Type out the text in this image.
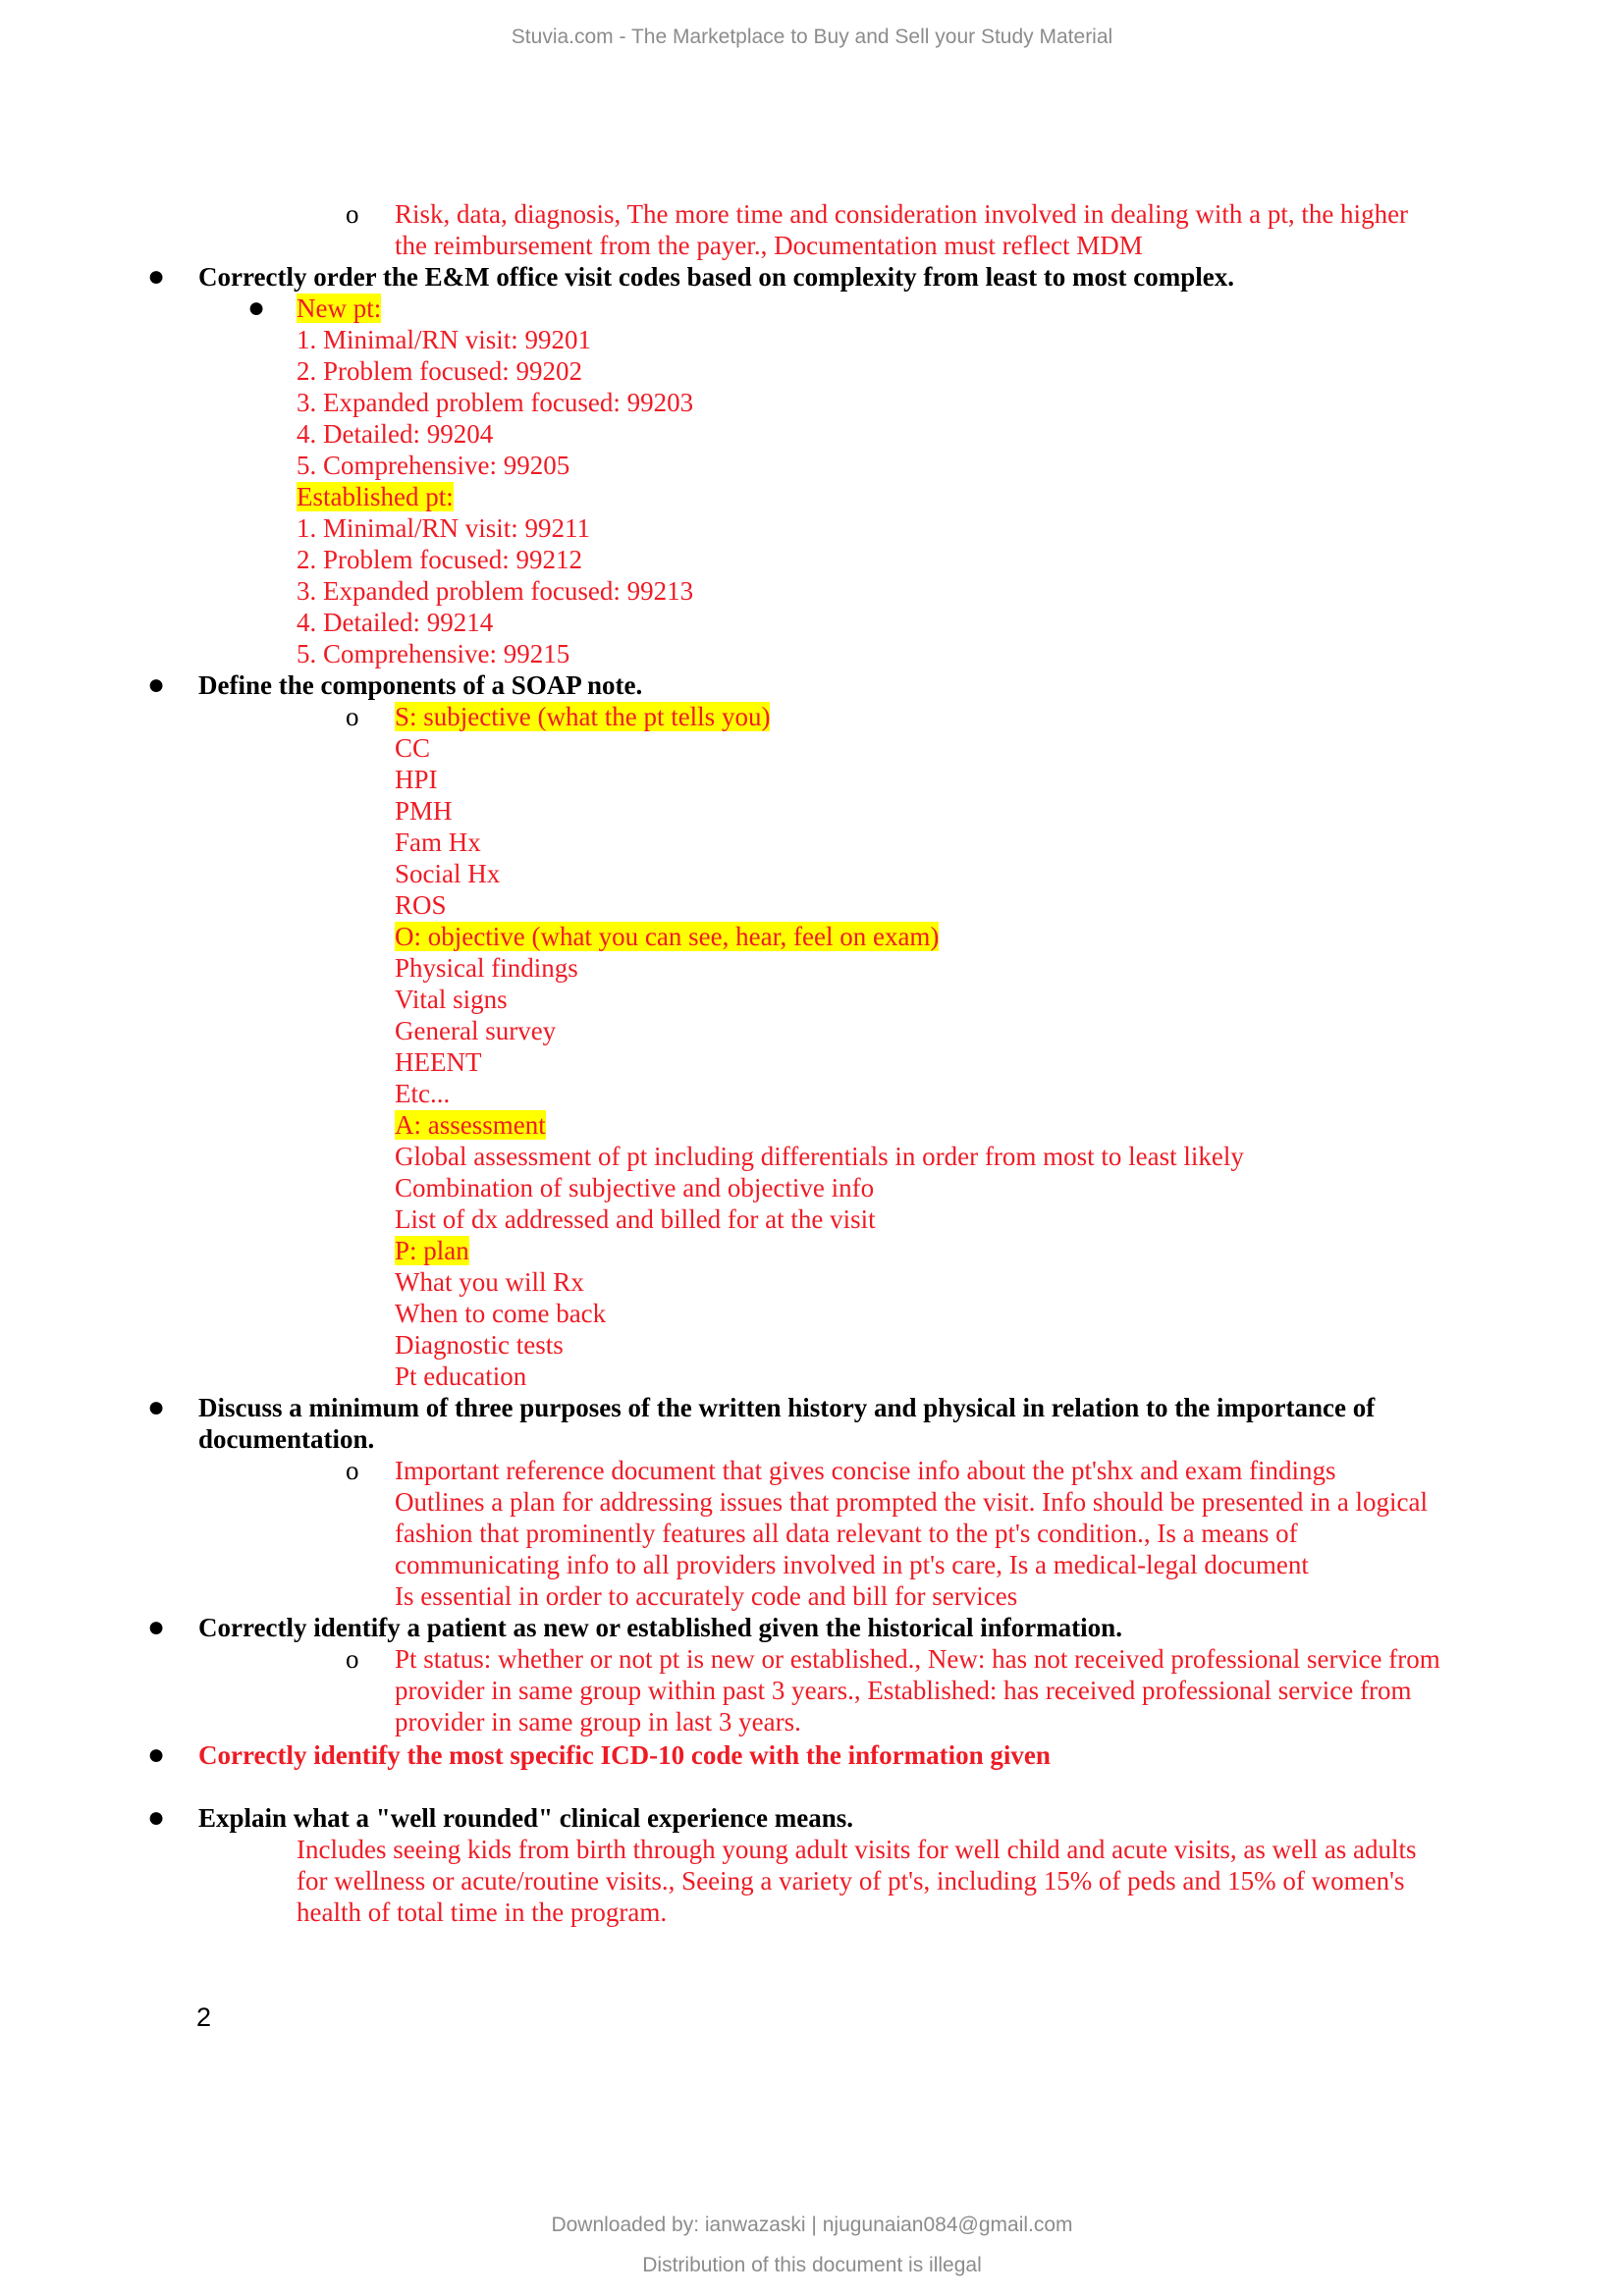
Stuvia.com - The Marketplace to Buy and Sell your Study Material
o Risk, data, diagnosis, The more time and consideration involved in dealing with a pt, the higher
the reimbursement from the payer., Documentation must reflect MDM
● Correctly order the E&M office visit codes based on complexity from least to most complex.
● New pt:
1. Minimal/RN visit: 99201
2. Problem focused: 99202
3. Expanded problem focused: 99203
4. Detailed: 99204
5. Comprehensive: 99205
Established pt:
1. Minimal/RN visit: 99211
2. Problem focused: 99212
3. Expanded problem focused: 99213
4. Detailed: 99214
5. Comprehensive: 99215
● Define the components of a SOAP note.
o S: subjective (what the pt tells you)
CC
HPI
PMH
Fam Hx
Social Hx
ROS
O: objective (what you can see, hear, feel on exam)
Physical findings
Vital signs
General survey
HEENT
Etc...
A: assessment
Global assessment of pt including differentials in order from most to least likely
Combination of subjective and objective info
List of dx addressed and billed for at the visit
P: plan
What you will Rx
When to come back
Diagnostic tests
Pt education
● Discuss a minimum of three purposes of the written history and physical in relation to the importance of
documentation.
o Important reference document that gives concise info about the pt'shx and exam findings
Outlines a plan for addressing issues that prompted the visit. Info should be presented in a logical
fashion that prominently features all data relevant to the pt's condition., Is a means of
communicating info to all providers involved in pt's care, Is a medical-legal document
Is essential in order to accurately code and bill for services
● Correctly identify a patient as new or established given the historical information.
o Pt status: whether or not pt is new or established., New: has not received professional service from
provider in same group within past 3 years., Established: has received professional service from
provider in same group in last 3 years.
● Correctly identify the most specific ICD-10 code with the information given
● Explain what a "well rounded" clinical experience means.
Includes seeing kids from birth through young adult visits for well child and acute visits, as well as adults
for wellness or acute/routine visits., Seeing a variety of pt's, including 15% of peds and 15% of women's
health of total time in the program.
2
Downloaded by: ianwazaski | njugunaian084@gmail.com
Distribution of this document is illegal
